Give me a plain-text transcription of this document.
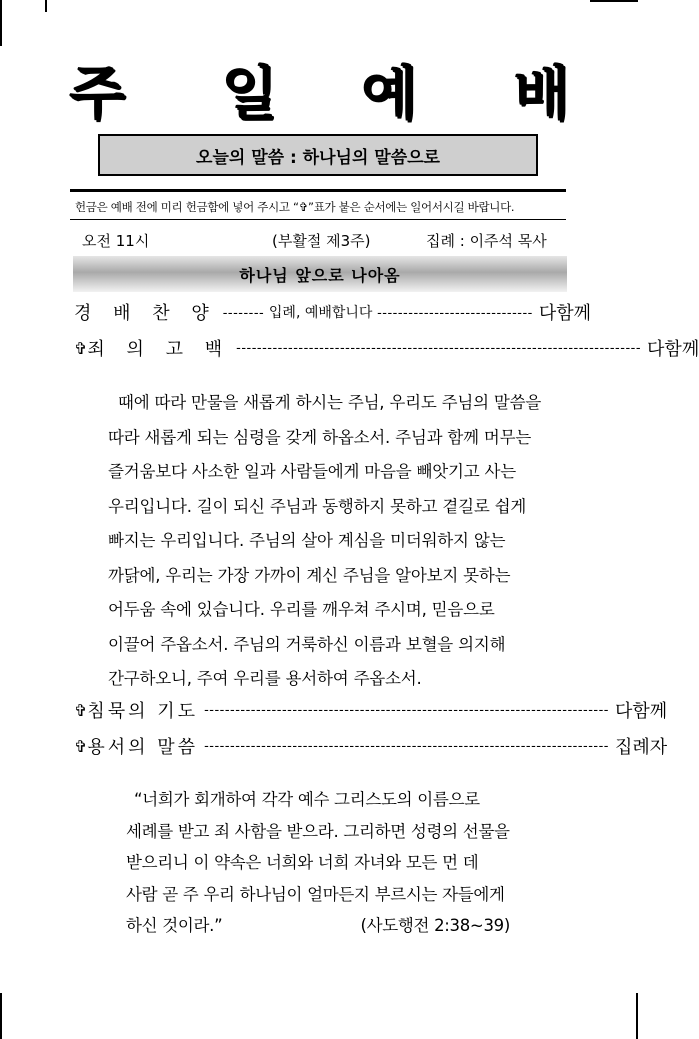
주 일 예 배
오늘의 말씀 : 하나님의 말씀으로
헌금은 예배 전에 미리 헌금함에 넣어 주시고 “✞”표가 붙은 순서에는 일어서시길 바랍니다.
오전 11시	(부활절 제3주)	집례 : 이주석 목사
하나님 앞으로 나아옴
경 배 찬 양 -------- 입례, 예배합니다 ------------------------------ 다 함 께
✞ 죄 의 고 백 ------------------------------------------------------------------------------ 다 함 께
때에 따라 만물을 새롭게 하시는 주님, 우리도 주님의 말씀을
따라 새롭게 되는 심령을 갖게 하옵소서. 주님과 함께 머무는
즐거움보다 사소한 일과 사람들에게 마음을 빼앗기고 사는
우리입니다. 길이 되신 주님과 동행하지 못하고 곁길로 쉽게
빠지는 우리입니다. 주님의 살아 계심을 미더워하지 않는
까닭에, 우리는 가장 가까이 계신 주님을 알아보지 못하는
어두움 속에 있습니다. 우리를 깨우쳐 주시며, 믿음으로
이끌어 주옵소서. 주님의 거룩하신 이름과 보혈을 의지해
간구하오니, 주여 우리를 용서하여 주옵소서.
✞ 침묵의 기도 ------------------------------------------------------------------------------ 다 함 께
✞ 용서의 말씀 ------------------------------------------------------------------------------ 집 례 자
“너희가 회개하여 각각 예수 그리스도의 이름으로
세례를 받고 죄 사함을 받으라. 그리하면 성령의 선물을
받으리니 이 약속은 너희와 너희 자녀와 모든 먼 데
사람 곧 주 우리 하나님이 얼마든지 부르시는 자들에게
하신 것이라.”	(사도행전 2:38~39)
